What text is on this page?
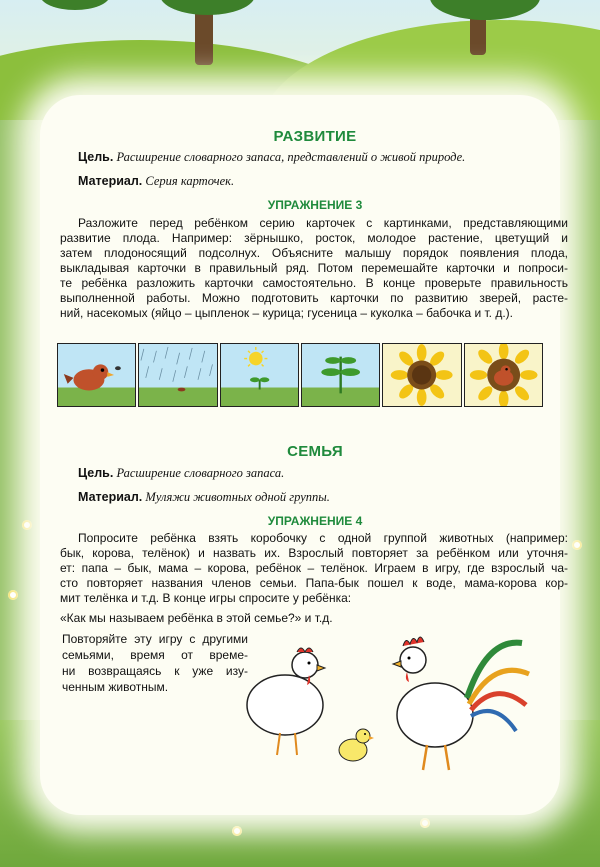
РАЗВИТИЕ
Цель. Расширение словарного запаса, представлений о живой природе.
Материал. Серия карточек.
УПРАЖНЕНИЕ 3
Разложите перед ребёнком серию карточек с картинками, представляющими
развитие плода. Например: зёрнышко, росток, молодое растение, цветущий и
затем плодоносящий подсолнух. Объясните малышу порядок появления плода,
выкладывая карточки в правильный ряд. Потом перемешайте карточки и попроси-
те ребёнка разложить карточки самостоятельно. В конце проверьте правильность
выполненной работы. Можно подготовить карточки по развитию зверей, расте-
ний, насекомых (яйцо – цыпленок – курица; гусеница – куколка – бабочка и т. д.).
СЕМЬЯ
Цель. Расширение словарного запаса.
Материал. Муляжи животных одной группы.
УПРАЖНЕНИЕ 4
Попросите ребёнка взять коробочку с одной группой животных (например:
бык, корова, телёнок) и назвать их. Взрослый повторяет за ребёнком или уточня-
ет: папа – бык, мама – корова, ребёнок – телёнок. Играем в игру, где взрослый ча-
сто повторяет названия членов семьи. Папа-бык пошел к воде, мама-корова кор-
мит телёнка и т.д. В конце игры спросите у ребёнка:
«Как мы называем ребёнка в этой семье?» и т.д.
Повторяйте эту игру с другими
семьями, время от време-
ни возвращаясь к уже изу-
ченным животным.
